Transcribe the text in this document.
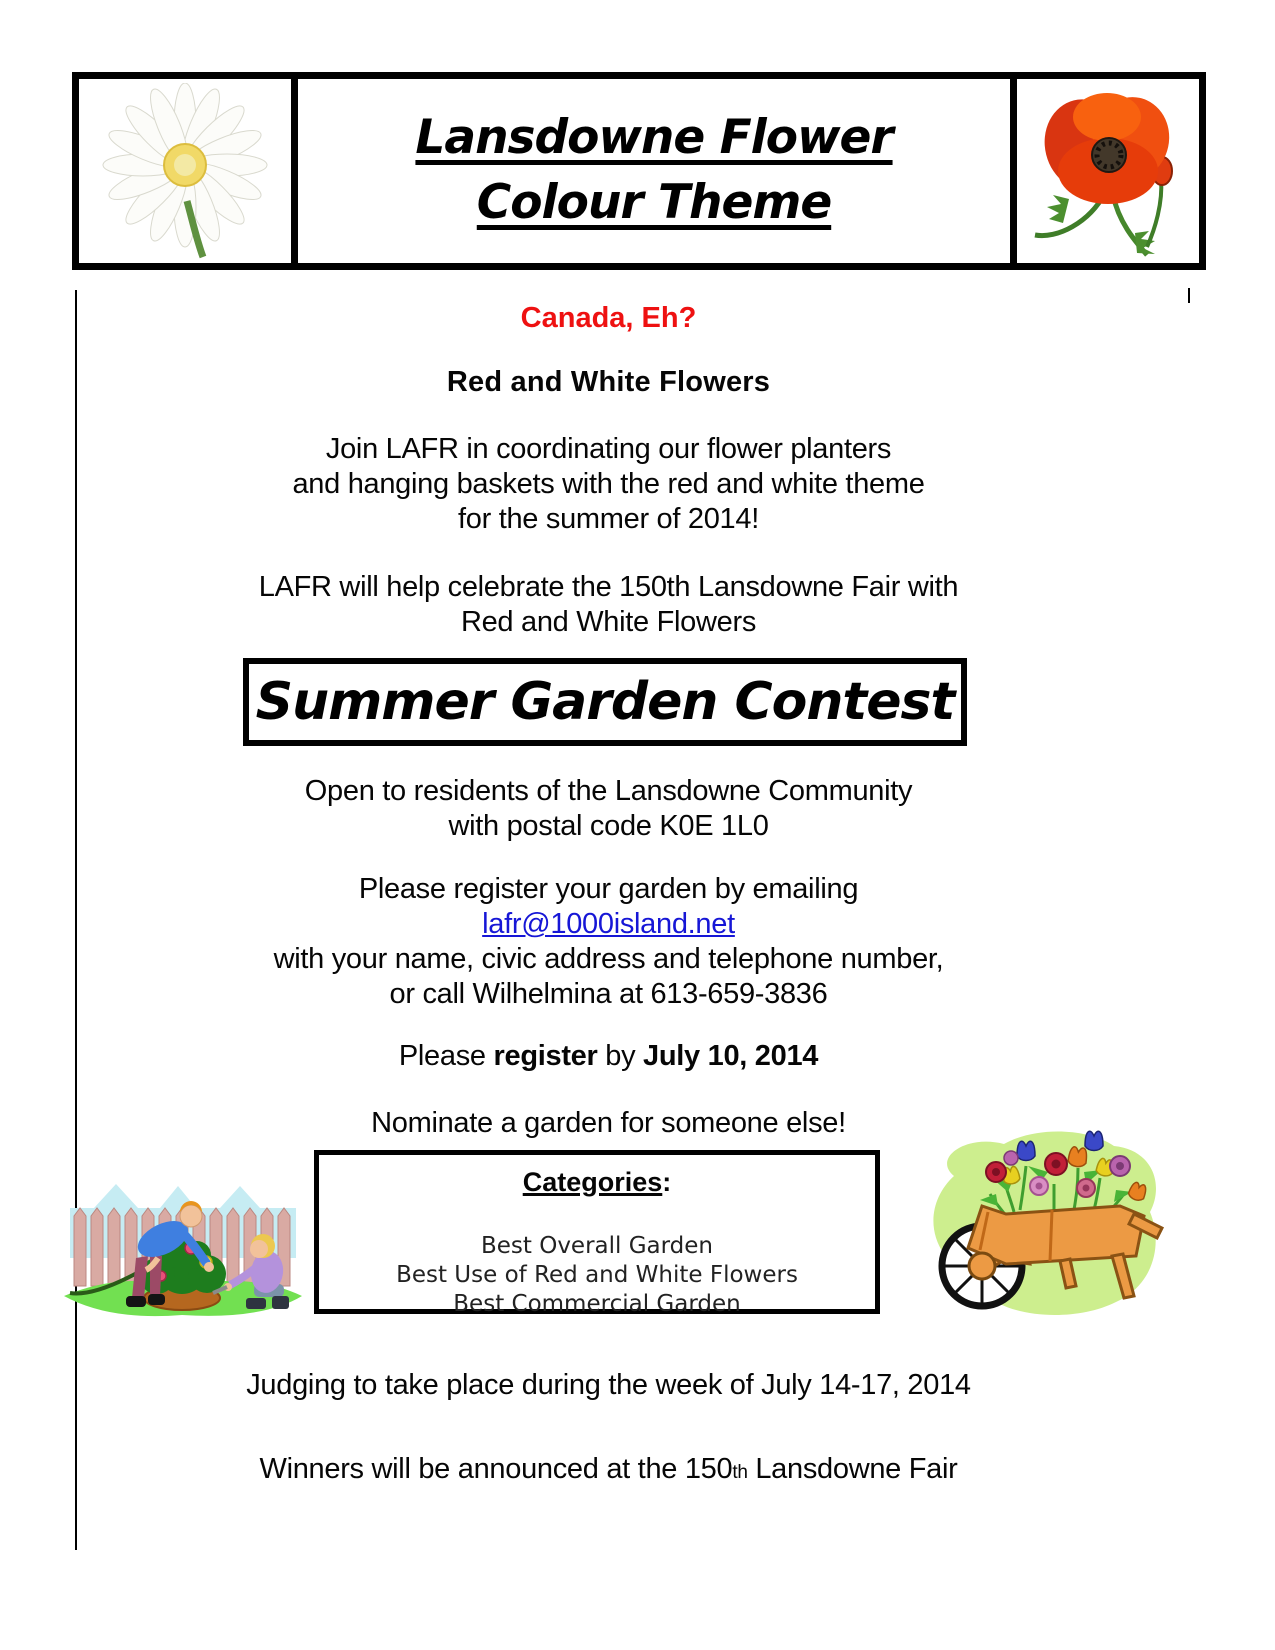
Lansdowne Flower
Colour Theme
Canada, Eh?
Red and White Flowers
Join LAFR in coordinating our flower planters
and hanging baskets with the red and white theme
for the summer of 2014!
LAFR will help celebrate the 150th Lansdowne Fair with
Red and White Flowers
Summer Garden Contest
Open to residents of the Lansdowne Community
with postal code K0E 1L0
Please register your garden by emailing
lafr@1000island.net
with your name, civic address and telephone number,
or call Wilhelmina at 613-659-3836
Please register by July 10, 2014
Nominate a garden for someone else!
Categories:
Best Overall Garden
Best Use of Red and White Flowers
Best Commercial Garden
Judging to take place during the week of July 14-17, 2014
Winners will be announced at the 150th Lansdowne Fair
